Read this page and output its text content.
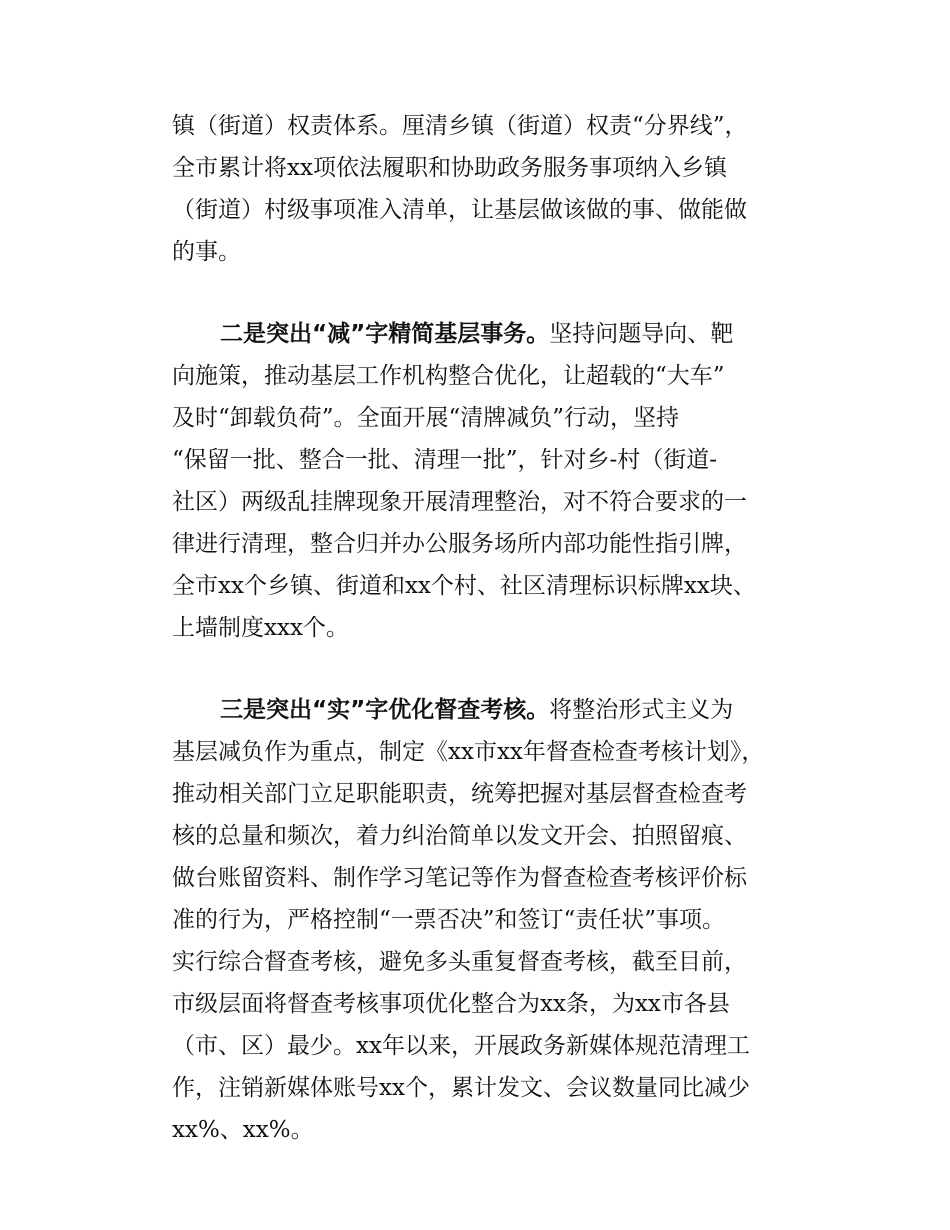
镇（街道）权责体系。厘清乡镇（街道）权责“分界线”，
全市累计将xx项依法履职和协助政务服务事项纳入乡镇
（街道）村级事项准入清单，让基层做该做的事、做能做
的事。
二是突出“减”字精简基层事务。坚持问题导向、靶
向施策，推动基层工作机构整合优化，让超载的“大车”
及时“卸载负荷”。全面开展“清牌减负”行动，坚持
“保留一批、整合一批、清理一批”，针对乡-村（街道-
社区）两级乱挂牌现象开展清理整治，对不符合要求的一
律进行清理，整合归并办公服务场所内部功能性指引牌，
全市xx个乡镇、街道和xx个村、社区清理标识标牌xx块、
上墙制度xxx个。
三是突出“实”字优化督查考核。将整治形式主义为
基层减负作为重点，制定《xx市xx年督查检查考核计划》，
推动相关部门立足职能职责，统筹把握对基层督查检查考
核的总量和频次，着力纠治简单以发文开会、拍照留痕、
做台账留资料、制作学习笔记等作为督查检查考核评价标
准的行为，严格控制“一票否决”和签订“责任状”事项。
实行综合督查考核，避免多头重复督查考核，截至目前，
市级层面将督查考核事项优化整合为xx条，为xx市各县
（市、区）最少。xx年以来，开展政务新媒体规范清理工
作，注销新媒体账号xx个，累计发文、会议数量同比减少
xx%、xx%。
